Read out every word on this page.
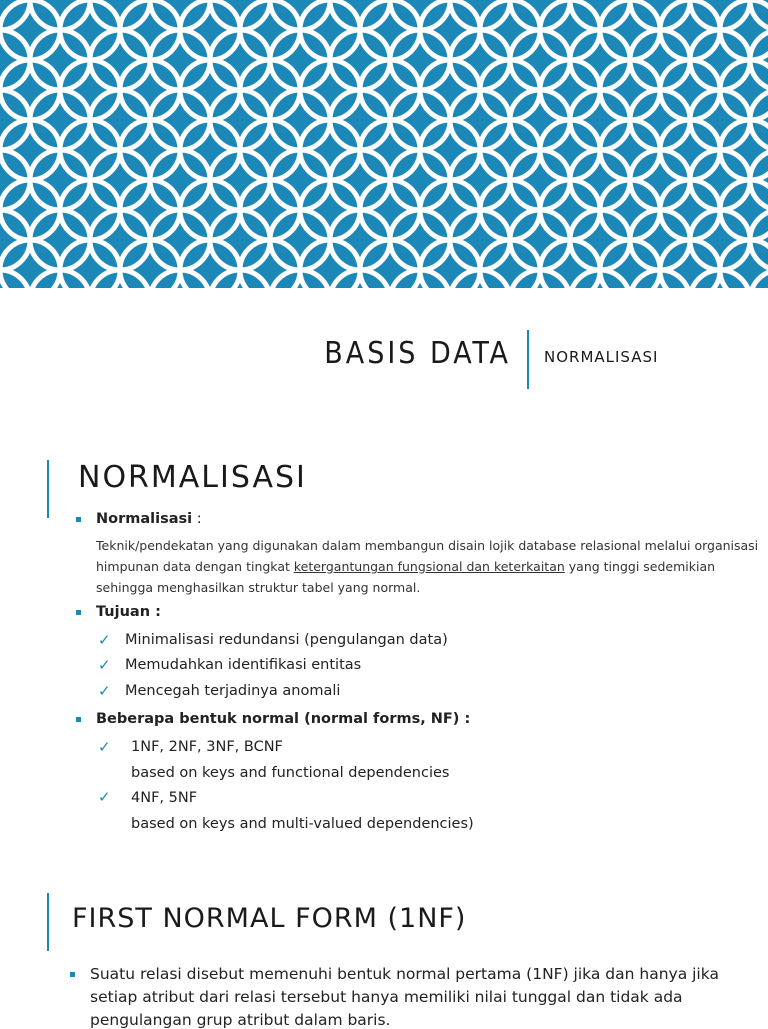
BASIS DATA NORMALISASI
NORMALISASI
Normalisasi :
Teknik/pendekatan yang digunakan dalam membangun disain lojik database relasional melalui organisasi
himpunan data dengan tingkat ketergantungan fungsional dan keterkaitan yang tinggi sedemikian
sehingga menghasilkan struktur tabel yang normal.
Tujuan :
✓ Minimalisasi redundansi (pengulangan data)
✓ Memudahkan identifikasi entitas
✓ Mencegah terjadinya anomali
Beberapa bentuk normal (normal forms, NF) :
✓ 1NF, 2NF, 3NF, BCNF
based on keys and functional dependencies
✓ 4NF, 5NF
based on keys and multi-valued dependencies)
FIRST NORMAL FORM (1NF)
Suatu relasi disebut memenuhi bentuk normal pertama (1NF) jika dan hanya jika
setiap atribut dari relasi tersebut hanya memiliki nilai tunggal dan tidak ada
pengulangan grup atribut dalam baris.
